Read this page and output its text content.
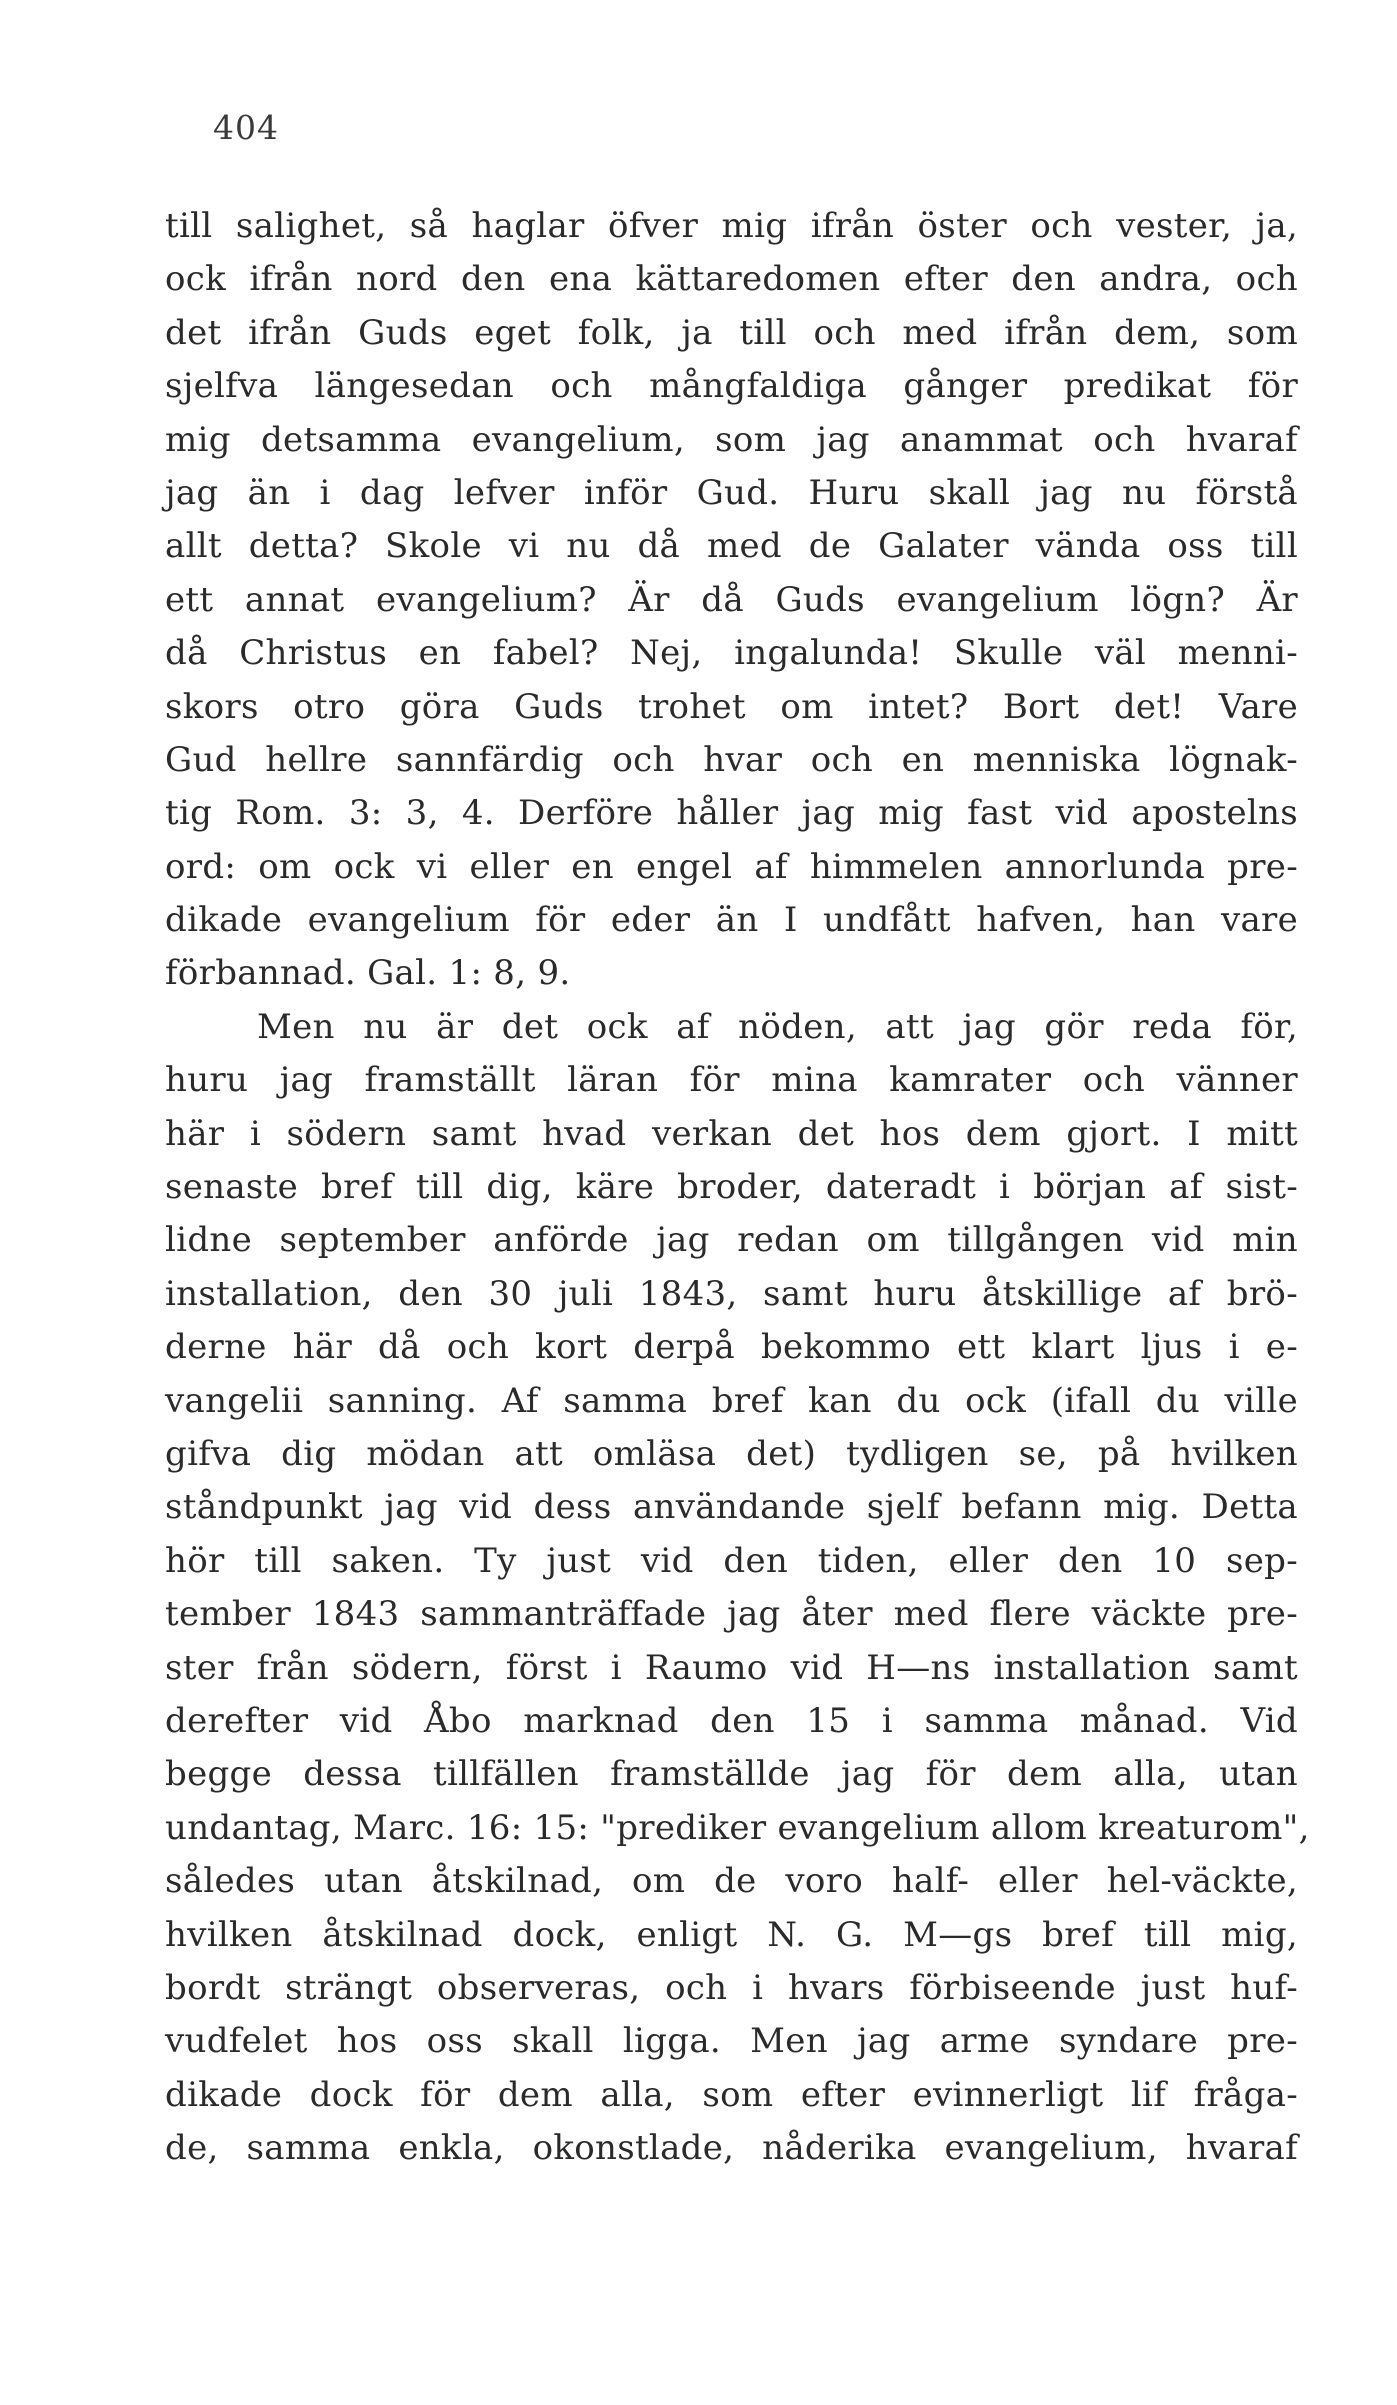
404
till salighet, så haglar öfver mig ifrån öster och vester, ja,
ock ifrån nord den ena kättaredomen efter den andra, och
det ifrån Guds eget folk, ja till och med ifrån dem, som
sjelfva längesedan och mångfaldiga gånger predikat för
mig detsamma evangelium, som jag anammat och hvaraf
jag än i dag lefver inför Gud. Huru skall jag nu förstå
allt detta? Skole vi nu då med de Galater vända oss till
ett annat evangelium? Är då Guds evangelium lögn? Är
då Christus en fabel? Nej, ingalunda! Skulle väl menni-
skors otro göra Guds trohet om intet? Bort det! Vare
Gud hellre sannfärdig och hvar och en menniska lögnak-
tig Rom. 3: 3, 4. Derföre håller jag mig fast vid apostelns
ord: om ock vi eller en engel af himmelen annorlunda pre-
dikade evangelium för eder än I undfått hafven, han vare
förbannad. Gal. 1: 8, 9.
Men nu är det ock af nöden, att jag gör reda för,
huru jag framställt läran för mina kamrater och vänner
här i södern samt hvad verkan det hos dem gjort. I mitt
senaste bref till dig, käre broder, dateradt i början af sist-
lidne september anförde jag redan om tillgången vid min
installation, den 30 juli 1843, samt huru åtskillige af brö-
derne här då och kort derpå bekommo ett klart ljus i e-
vangelii sanning. Af samma bref kan du ock (ifall du ville
gifva dig mödan att omläsa det) tydligen se, på hvilken
ståndpunkt jag vid dess användande sjelf befann mig. Detta
hör till saken. Ty just vid den tiden, eller den 10 sep-
tember 1843 sammanträffade jag åter med flere väckte pre-
ster från södern, först i Raumo vid H—ns installation samt
derefter vid Åbo marknad den 15 i samma månad. Vid
begge dessa tillfällen framställde jag för dem alla, utan
undantag, Marc. 16: 15: "prediker evangelium allom kreaturom",
således utan åtskilnad, om de voro half- eller hel-väckte,
hvilken åtskilnad dock, enligt N. G. M—gs bref till mig,
bordt strängt observeras, och i hvars förbiseende just huf-
vudfelet hos oss skall ligga. Men jag arme syndare pre-
dikade dock för dem alla, som efter evinnerligt lif fråga-
de, samma enkla, okonstlade, nåderika evangelium, hvaraf
